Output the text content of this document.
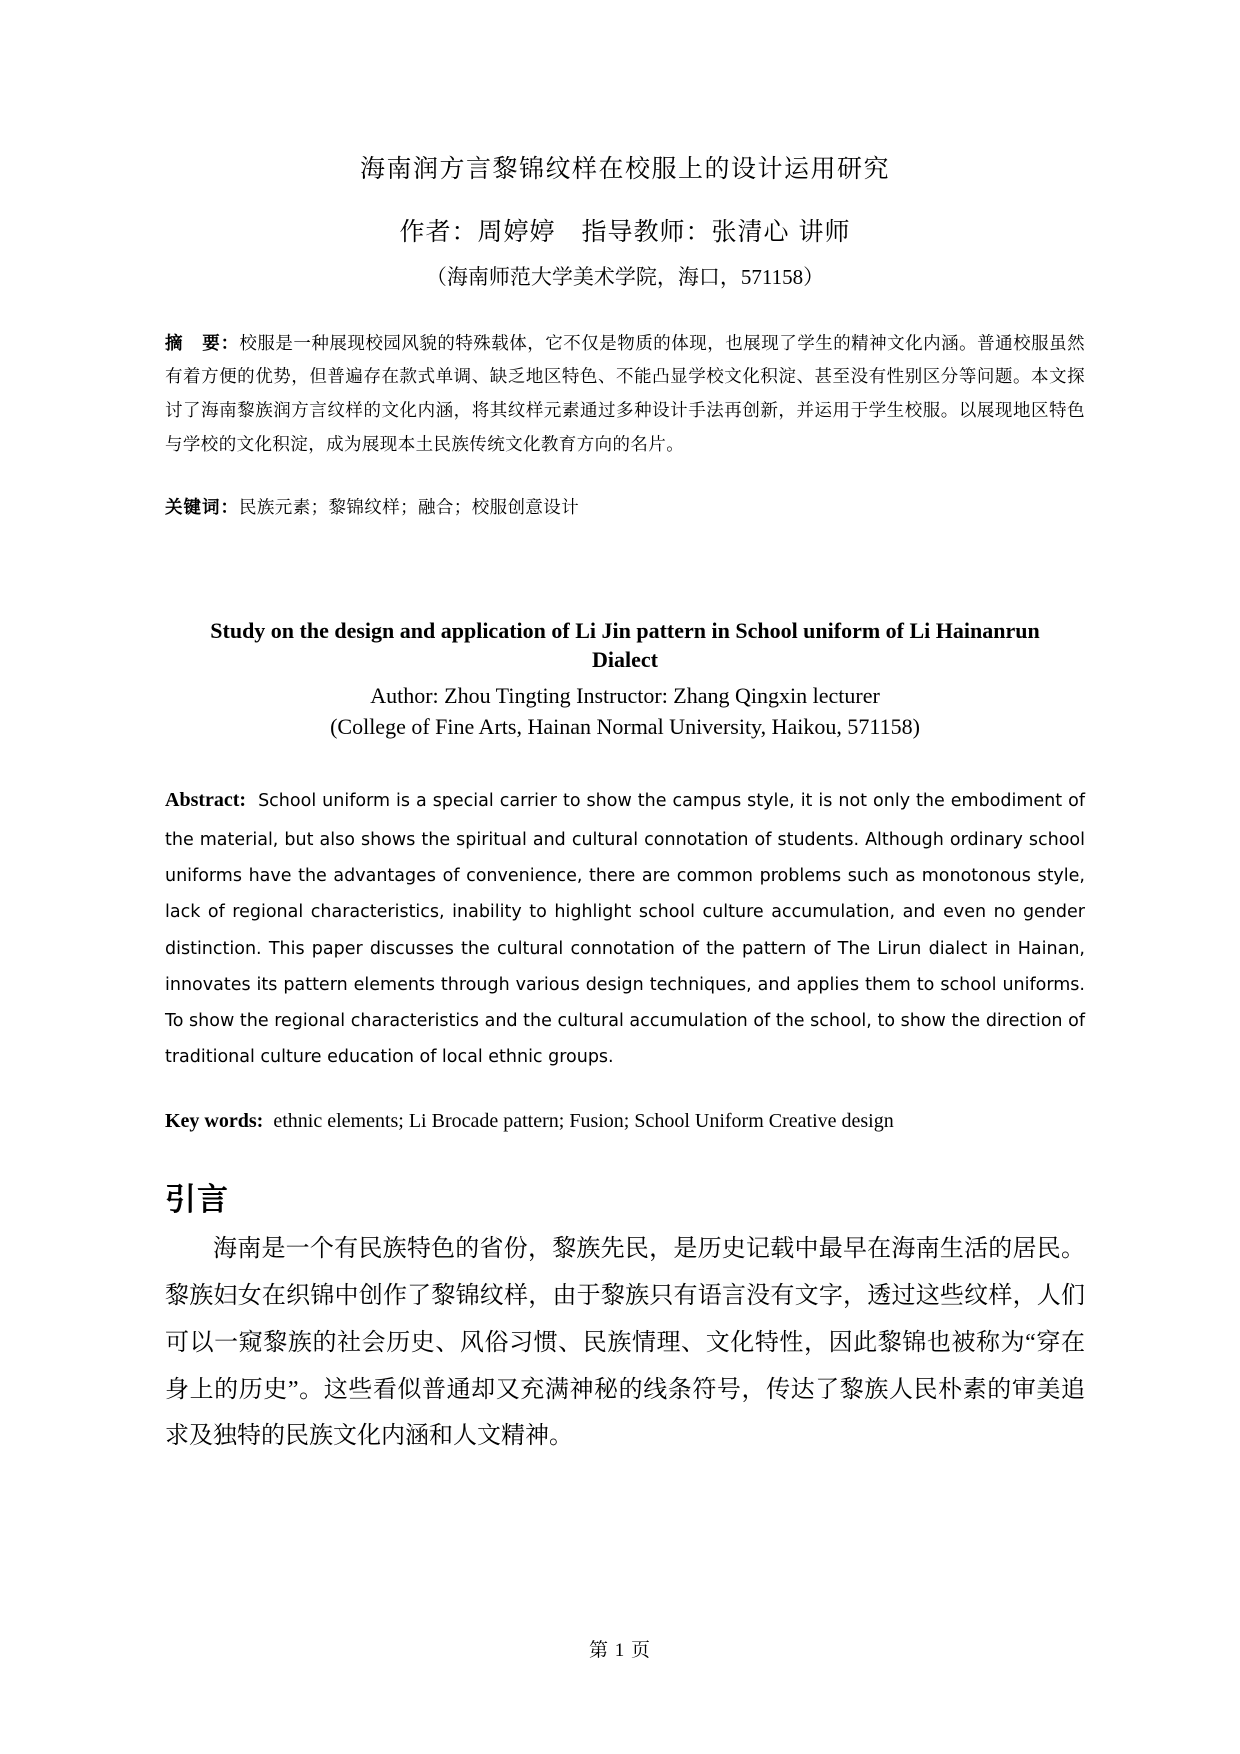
海南润方言黎锦纹样在校服上的设计运用研究
作者：周婷婷 指导教师：张清心 讲师
（海南师范大学美术学院，海口，571158）

摘　要：校服是一种展现校园风貌的特殊载体，它不仅是物质的体现，也展现了学生的精神文化内涵。普通校服虽然有着方便的优势，但普遍存在款式单调、缺乏地区特色、不能凸显学校文化积淀、甚至没有性别区分等问题。本文探讨了海南黎族润方言纹样的文化内涵，将其纹样元素通过多种设计手法再创新，并运用于学生校服。以展现地区特色与学校的文化积淀，成为展现本土民族传统文化教育方向的名片。

关键词：民族元素；黎锦纹样；融合；校服创意设计

Study on the design and application of Li Jin pattern in School uniform of Li Hainanrun Dialect
Author: Zhou Tingting Instructor: Zhang Qingxin lecturer
(College of Fine Arts, Hainan Normal University, Haikou, 571158)

Abstract: School uniform is a special carrier to show the campus style, it is not only the embodiment of the material, but also shows the spiritual and cultural connotation of students. Although ordinary school uniforms have the advantages of convenience, there are common problems such as monotonous style, lack of regional characteristics, inability to highlight school culture accumulation, and even no gender distinction. This paper discusses the cultural connotation of the pattern of The Lirun dialect in Hainan, innovates its pattern elements through various design techniques, and applies them to school uniforms. To show the regional characteristics and the cultural accumulation of the school, to show the direction of traditional culture education of local ethnic groups.

Key words: ethnic elements; Li Brocade pattern; Fusion; School Uniform Creative design

引言

海南是一个有民族特色的省份，黎族先民，是历史记载中最早在海南生活的居民。黎族妇女在织锦中创作了黎锦纹样，由于黎族只有语言没有文字，透过这些纹样，人们可以一窥黎族的社会历史、风俗习惯、民族情理、文化特性，因此黎锦也被称为“穿在身上的历史”。这些看似普通却又充满神秘的线条符号，传达了黎族人民朴素的审美追求及独特的民族文化内涵和人文精神。

第 1 页
